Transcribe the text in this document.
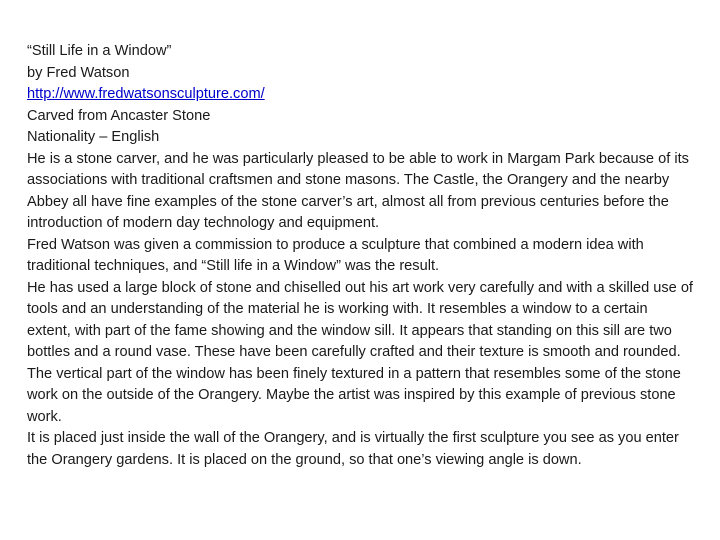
“Still Life in a Window”

by Fred Watson

http://www.fredwatsonsculpture.com/

Carved from Ancaster Stone

Nationality – English

He is a stone carver, and he was particularly pleased to be able to work in Margam Park because of its associations with traditional craftsmen and stone masons. The Castle, the Orangery and the nearby Abbey all have fine examples of the stone carver’s art, almost all from previous centuries before the introduction of modern day technology and equipment.

Fred Watson was given a commission to produce a sculpture that combined a modern idea with traditional techniques, and “Still life in a Window” was the result.

He has used a large block of stone and chiselled out his art work very carefully and with a skilled use of tools and an understanding of the material he is working with. It resembles a window to a certain extent, with part of the fame showing and the window sill. It appears that standing on this sill are two bottles and a round vase. These have been carefully crafted and their texture is smooth and rounded.

The vertical part of the window has been finely textured in a pattern that resembles some of the stone work on the outside of the Orangery. Maybe the artist was inspired by this example of previous stone work.

It is placed just inside the wall of the Orangery, and is virtually the first sculpture you see as you enter the Orangery gardens. It is placed on the ground, so that one’s viewing angle is down.
